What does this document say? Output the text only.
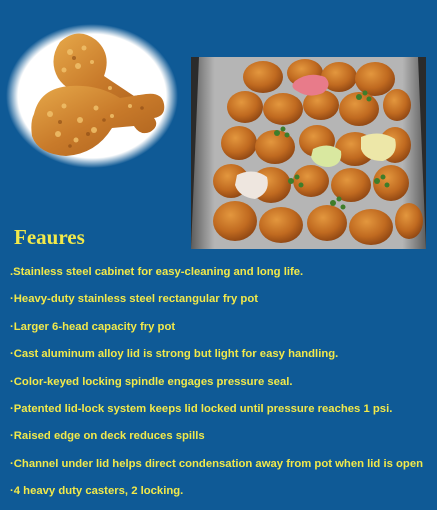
Feaures
.Stainless steel cabinet for easy-cleaning and long life.
·Heavy-duty stainless steel rectangular fry pot
·Larger 6-head capacity fry pot
·Cast aluminum alloy lid is strong but light for easy handling.
·Color-keyed locking spindle engages pressure seal.
·Patented lid-lock system keeps lid locked until pressure reaches 1 psi.
·Raised edge on deck reduces spills
·Channel under lid helps direct condensation away from pot when lid is open
·4 heavy duty casters, 2 locking.
